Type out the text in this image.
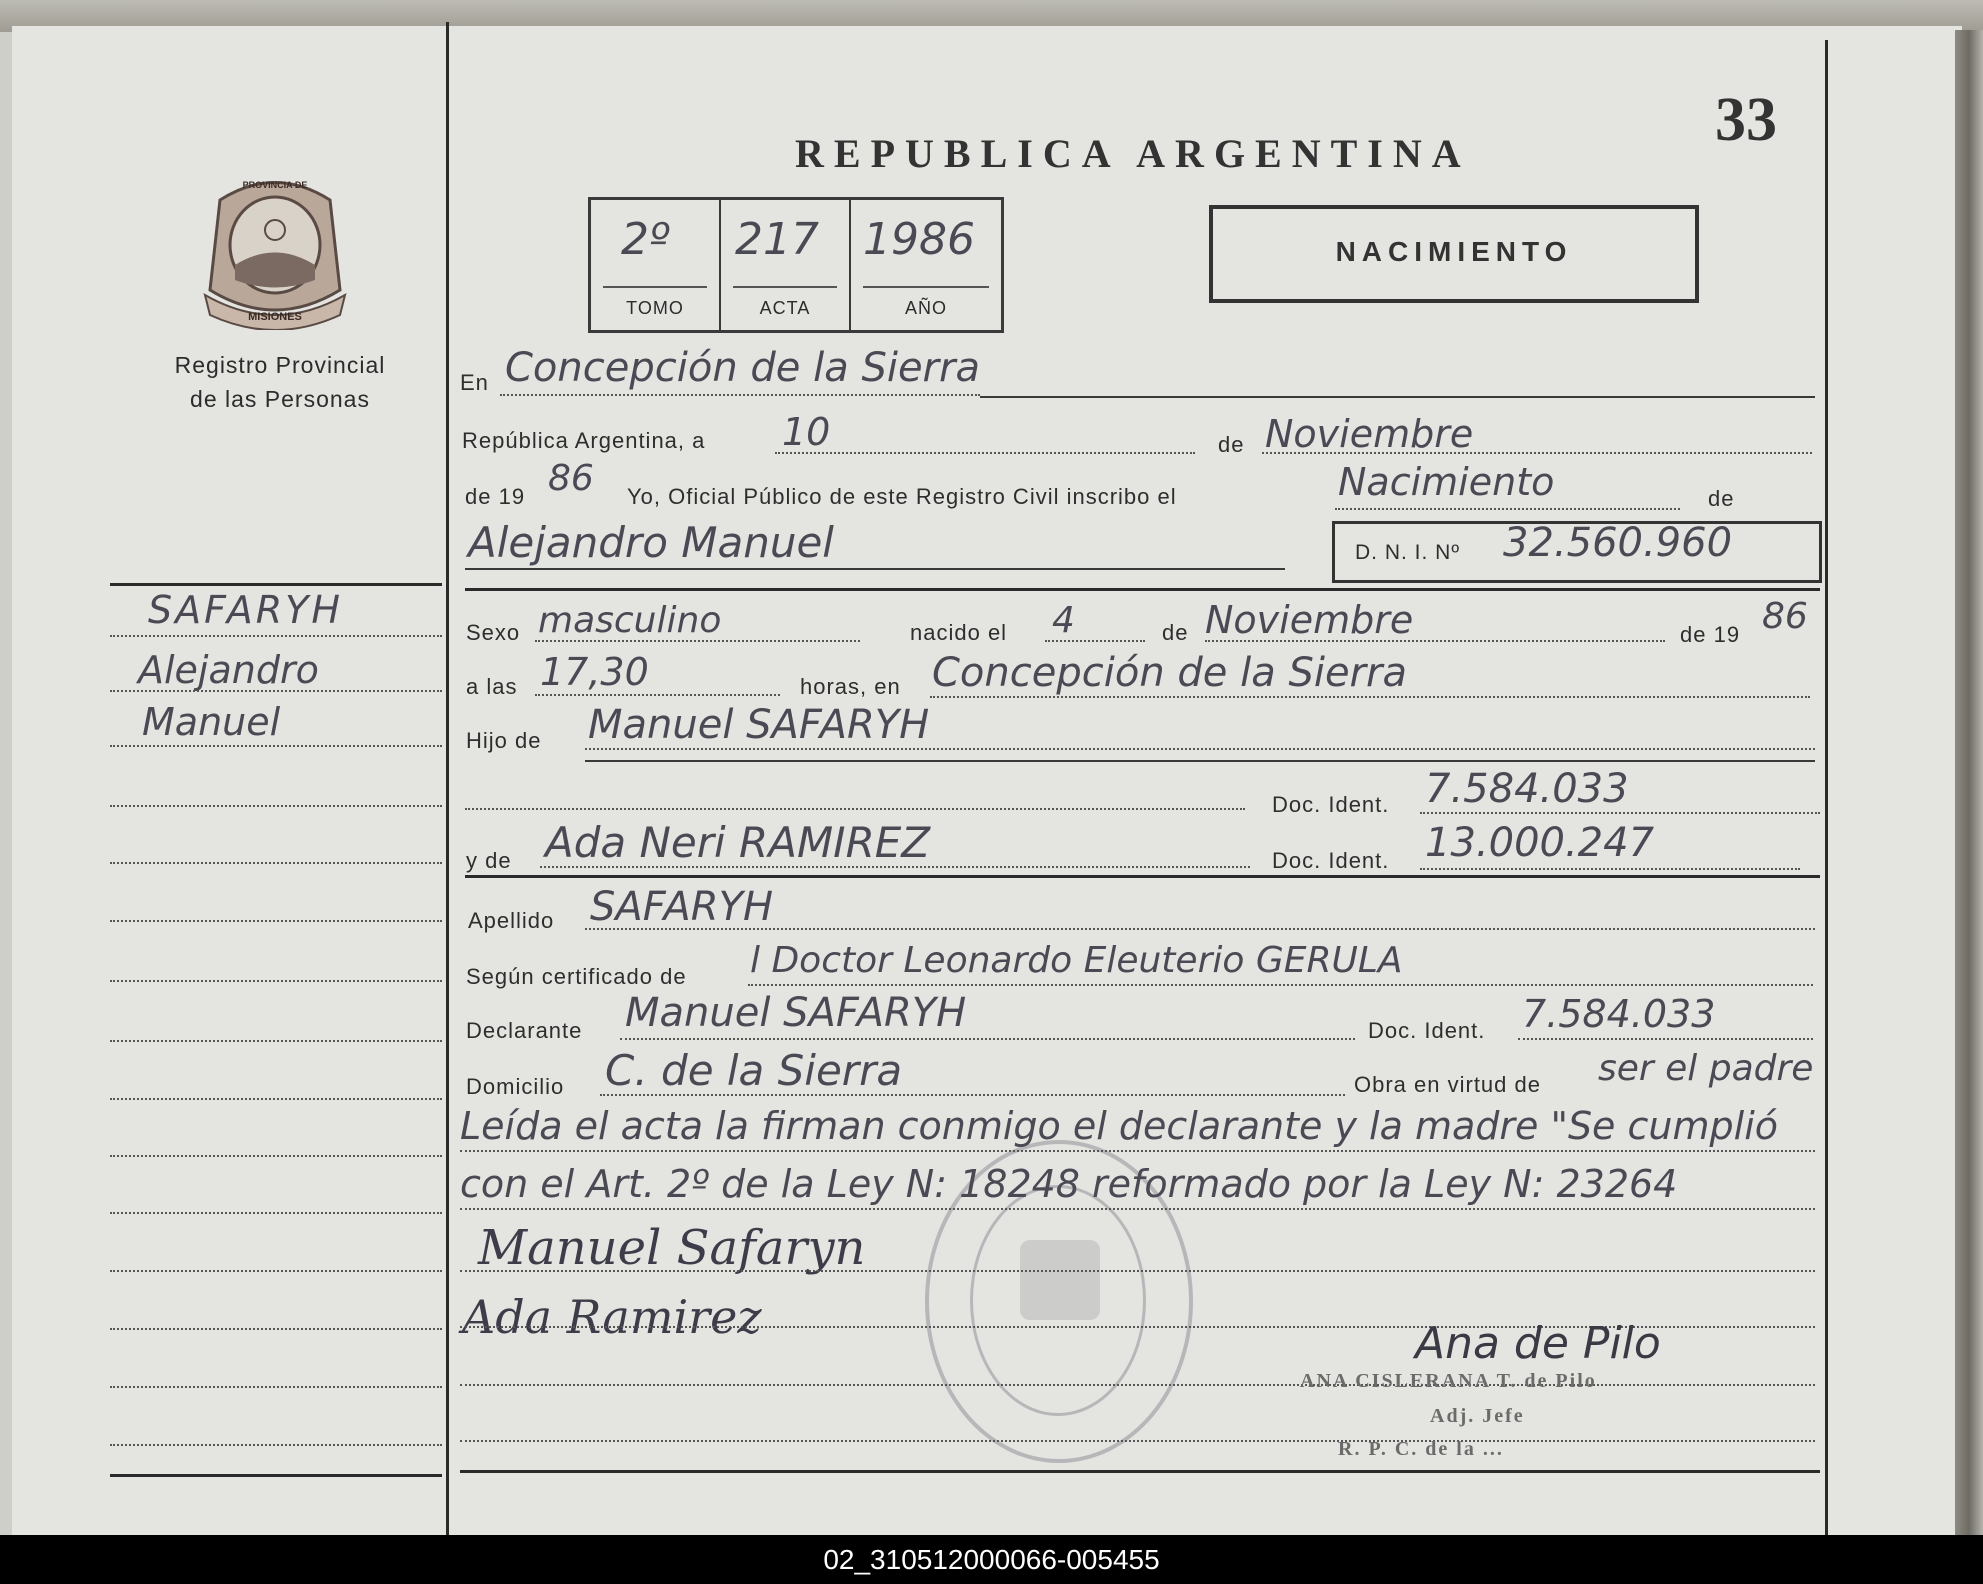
REPUBLICA ARGENTINA	33
2º
TOMO
217
ACTA
1986
AÑO
NACIMIENTO
PROVINCIA DE
MISIONES
Registro Provincial
de las Personas
SAFARYH
Alejandro
Manuel
En Concepción de la Sierra
República Argentina, a 10	de Noviembre
de 19 86 Yo, Oficial Público de este Registro Civil inscribo el	Nacimiento	de
Alejandro Manuel	D. N. I. Nº 32.560.960
Sexo masculino	nacido el 4	de Noviembre	de 19 86
a las 17,30	horas, en Concepción de la Sierra
Hijo de Manuel SAFARYH
Doc. Ident. 7.584.033
y de Ada Neri RAMIREZ	Doc. Ident. 13.000.247
Apellido SAFARYH
Según certificado de l Doctor Leonardo Eleuterio GERULA
Declarante Manuel SAFARYH	Doc. Ident. 7.584.033
Domicilio C. de la Sierra	Obra en virtud de ser el padre
Leída el acta la firman conmigo el declarante y la madre "Se cumplió
con el Art. 2º de la Ley N: 18248 reformado por la Ley N: 23264
Manuel Safaryn
Ada Ramirez	Ana de Pilo
ANA CISLERANA T. de Pilo
Adj. Jefe
R. P. C. de la ...
02_310512000066-005455
